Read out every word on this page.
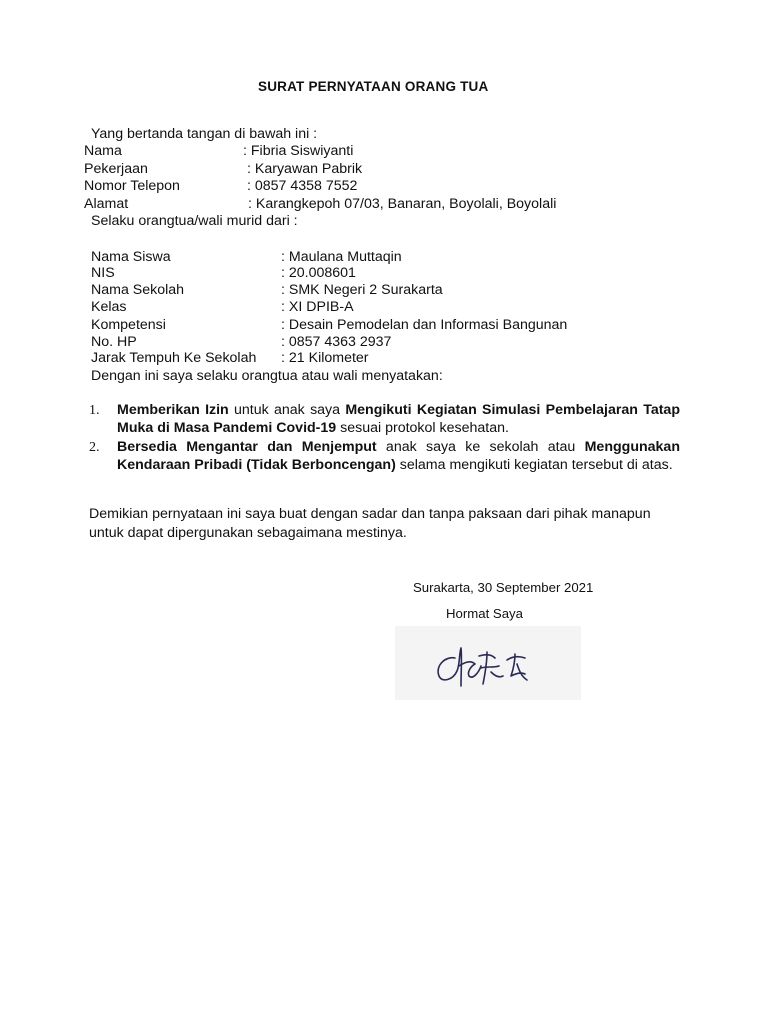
SURAT PERNYATAAN ORANG TUA
Yang bertanda tangan di bawah ini :
Nama	: Fibria Siswiyanti
Pekerjaan	: Karyawan Pabrik
Nomor Telepon	: 0857 4358 7552
Alamat	: Karangkepoh 07/03, Banaran, Boyolali, Boyolali
Selaku orangtua/wali murid dari :
Nama Siswa	: Maulana Muttaqin
NIS	: 20.008601
Nama Sekolah	: SMK Negeri 2 Surakarta
Kelas	: XI DPIB-A
Kompetensi	: Desain Pemodelan dan Informasi Bangunan
No. HP	: 0857 4363 2937
Jarak Tempuh Ke Sekolah : 21 Kilometer
Dengan ini saya selaku orangtua atau wali menyatakan:
1. Memberikan Izin untuk anak saya Mengikuti Kegiatan Simulasi Pembelajaran Tatap Muka di Masa Pandemi Covid-19 sesuai protokol kesehatan.
2. Bersedia Mengantar dan Menjemput anak saya ke sekolah atau Menggunakan Kendaraan Pribadi (Tidak Berboncengan) selama mengikuti kegiatan tersebut di atas.
Demikian pernyataan ini saya buat dengan sadar dan tanpa paksaan dari pihak manapun untuk dapat dipergunakan sebagaimana mestinya.
Surakarta, 30 September 2021
Hormat Saya
